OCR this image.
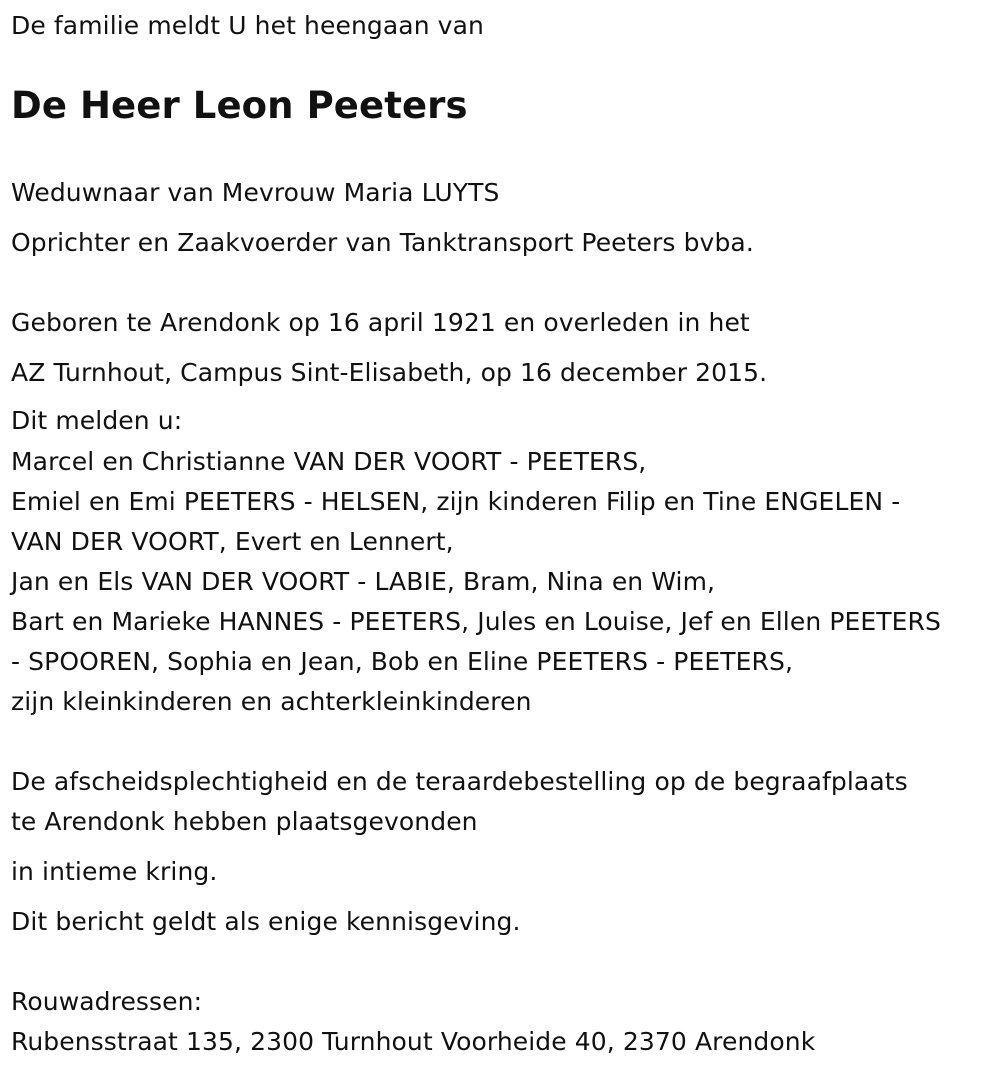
De familie meldt U het heengaan van
De Heer Leon Peeters
Weduwnaar van Mevrouw Maria LUYTS
Oprichter en Zaakvoerder van Tanktransport Peeters bvba.
Geboren te Arendonk op 16 april 1921 en overleden in het
AZ Turnhout, Campus Sint-Elisabeth, op 16 december 2015.
Dit melden u:
Marcel en Christianne VAN DER VOORT - PEETERS,
Emiel en Emi PEETERS - HELSEN, zijn kinderen Filip en Tine ENGELEN -
VAN DER VOORT, Evert en Lennert,
Jan en Els VAN DER VOORT - LABIE, Bram, Nina en Wim,
Bart en Marieke HANNES - PEETERS, Jules en Louise, Jef en Ellen PEETERS
- SPOOREN, Sophia en Jean, Bob en Eline PEETERS - PEETERS,
zijn kleinkinderen en achterkleinkinderen
De afscheidsplechtigheid en de teraardebestelling op de begraafplaats
te Arendonk hebben plaatsgevonden
in intieme kring.
Dit bericht geldt als enige kennisgeving.
Rouwadressen:
Rubensstraat 135, 2300 Turnhout Voorheide 40, 2370 Arendonk
